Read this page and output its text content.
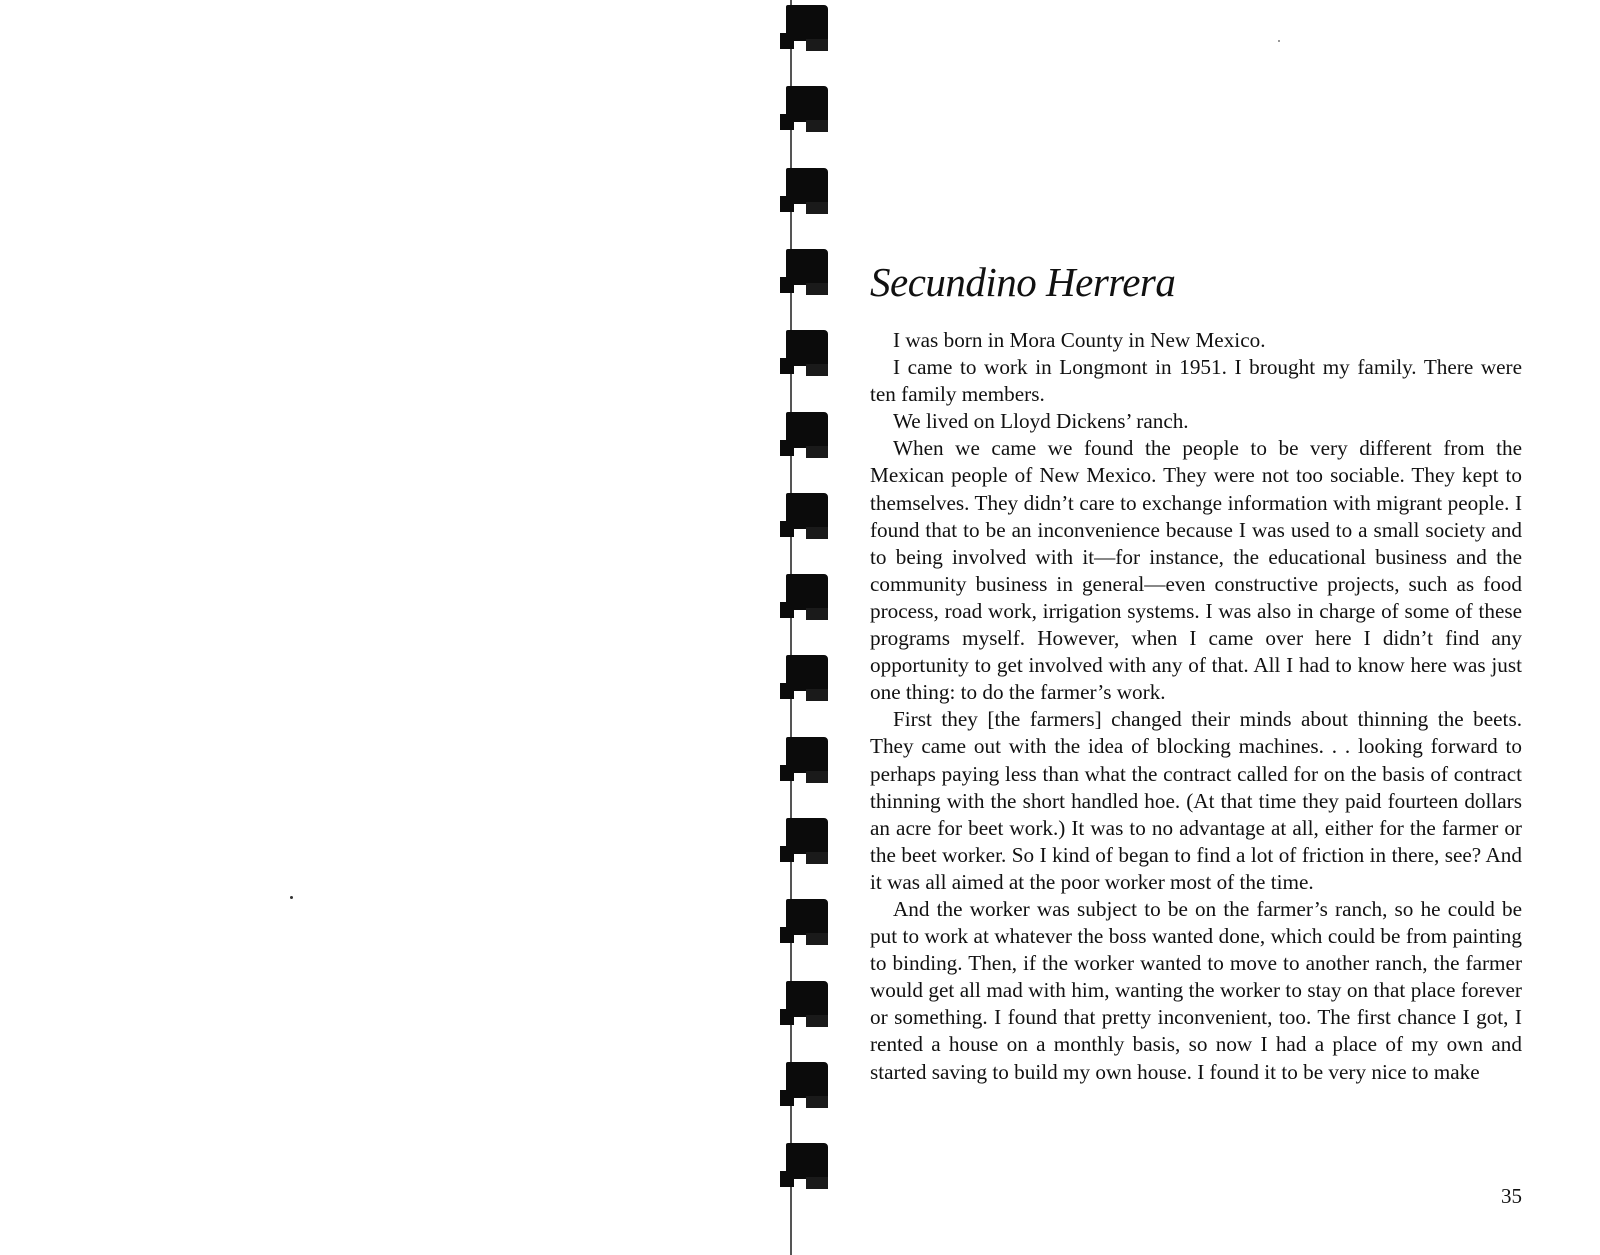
Secundino Herrera

I was born in Mora County in New Mexico.

I came to work in Longmont in 1951. I brought my family. There were ten family members.

We lived on Lloyd Dickens’ ranch.

When we came we found the people to be very different from the Mexican people of New Mexico. They were not too sociable. They kept to themselves. They didn’t care to exchange information with migrant people. I found that to be an inconvenience because I was used to a small society and to being involved with it—for instance, the educational business and the community business in general—even constructive projects, such as food process, road work, irrigation systems. I was also in charge of some of these programs myself. However, when I came over here I didn’t find any opportunity to get involved with any of that. All I had to know here was just one thing: to do the farmer’s work.

First they [the farmers] changed their minds about thinning the beets. They came out with the idea of blocking machines. . . looking forward to perhaps paying less than what the contract called for on the basis of contract thinning with the short handled hoe. (At that time they paid fourteen dollars an acre for beet work.) It was to no advantage at all, either for the farmer or the beet worker. So I kind of began to find a lot of friction in there, see? And it was all aimed at the poor worker most of the time.

And the worker was subject to be on the farmer’s ranch, so he could be put to work at whatever the boss wanted done, which could be from painting to binding. Then, if the worker wanted to move to another ranch, the farmer would get all mad with him, wanting the worker to stay on that place forever or something. I found that pretty inconvenient, too. The first chance I got, I rented a house on a monthly basis, so now I had a place of my own and started saving to build my own house. I found it to be very nice to make

35
